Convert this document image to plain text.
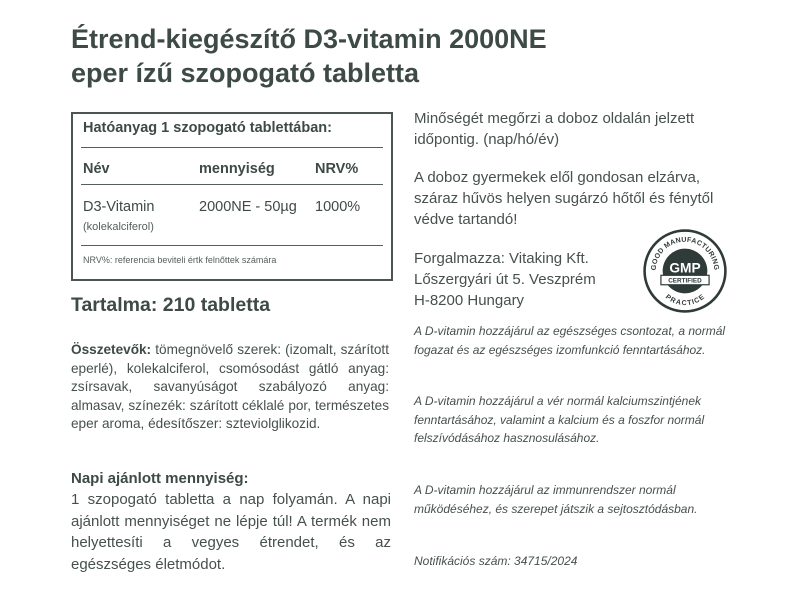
Étrend-kiegészítő D3-vitamin 2000NE
eper ízű szopogató tabletta
Hatóanyag 1 szopogató tablettában:
Név	mennyiség	NRV%
D3-Vitamin	2000NE - 50µg 1000%
(kolekalciferol)
NRV%: referencia beviteli értk felnőttek számára
Tartalma: 210 tabletta
Összetevők: tömegnövelő szerek: (izomalt, szárított eperlé), kolekalciferol, csomósodást gátló anyag: zsírsavak, savanyúságot szabályozó anyag: almasav, színezék: szárított céklalé por, természetes eper aroma, édesítőszer: szteviolglikozid.
Napi ajánlott mennyiség:
1 szopogató tabletta a nap folyamán. A napi ajánlott mennyiséget ne lépje túl! A termék nem helyettesíti a vegyes étrendet, és az egészséges életmódot.
Minőségét megőrzi a doboz oldalán jelzett időpontig. (nap/hó/év)
A doboz gyermekek elől gondosan elzárva, száraz hűvös helyen sugárzó hőtől és fénytől védve tartandó!
Forgalmazza: Vitaking Kft.
Lőszergyári út 5. Veszprém
H-8200 Hungary
GOOD MANUFACTURING
GMP
CERTIFIED
PRACTICE
A D-vitamin hozzájárul az egészséges csontozat, a normál fogazat és az egészséges izomfunkció fenntartásához.
A D-vitamin hozzájárul a vér normál kalciumszintjének fenntartásához, valamint a kalcium és a foszfor normál felszívódásához hasznosulásához.
A D-vitamin hozzájárul az immunrendszer normál működéséhez, és szerepet játszik a sejtosztódásban.
Notifikációs szám: 34715/2024
